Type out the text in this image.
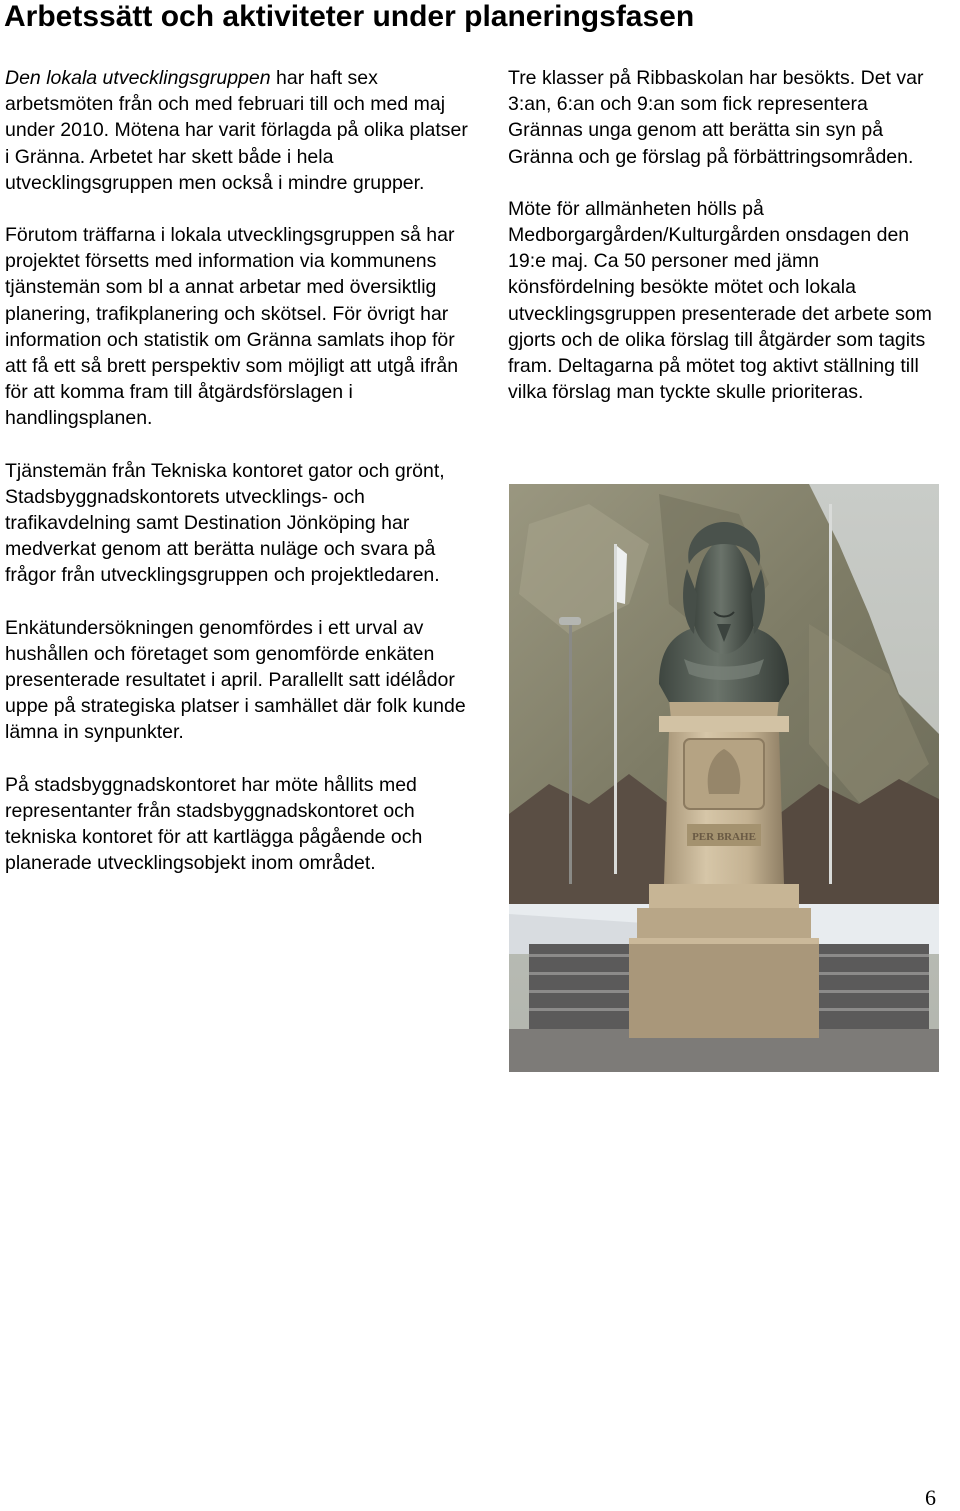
Arbetssätt och aktiviteter under planeringsfasen

Den lokala utvecklingsgruppen har haft sex arbetsmöten från och med februari till och med maj under 2010. Mötena har varit förlagda på olika platser i Gränna. Arbetet har skett både i hela utvecklingsgruppen men också i mindre grupper.

Förutom träffarna i lokala utvecklingsgruppen så har projektet försetts med information via kommunens tjänstemän som bl a annat arbetar med översiktlig planering, trafikplanering och skötsel. För övrigt har information och statistik om Gränna samlats ihop för att få ett så brett perspektiv som möjligt att utgå ifrån för att komma fram till åtgärdsförslagen i handlingsplanen.

Tjänstemän från Tekniska kontoret gator och grönt, Stadsbyggnadskontorets utvecklings- och trafikavdelning samt Destination Jönköping har medverkat genom att berätta nuläge och svara på frågor från utvecklingsgruppen och projektledaren.

Enkätundersökningen genomfördes i ett urval av hushållen och företaget som genomförde enkäten presenterade resultatet i april. Parallellt satt idélådor uppe på strategiska platser i samhället där folk kunde lämna in synpunkter.

På stadsbyggnadskontoret har möte hållits med representanter från stadsbyggnadskontoret och tekniska kontoret för att kartlägga pågående och planerade utvecklingsobjekt inom området.

Tre klasser på Ribbaskolan har besökts. Det var 3:an, 6:an och 9:an som fick representera Grännas unga genom att berätta sin syn på Gränna och ge förslag på förbättringsområden.

Möte för allmänheten hölls på Medborgargården/Kulturgården onsdagen den 19:e maj. Ca 50 personer med jämn könsfördelning besökte mötet och lokala utvecklingsgruppen presenterade det arbete som gjorts och de olika förslag till åtgärder som tagits fram. Deltagarna på mötet tog aktivt ställning till vilka förslag man tyckte skulle prioriteras.

PER BRAHE
6
